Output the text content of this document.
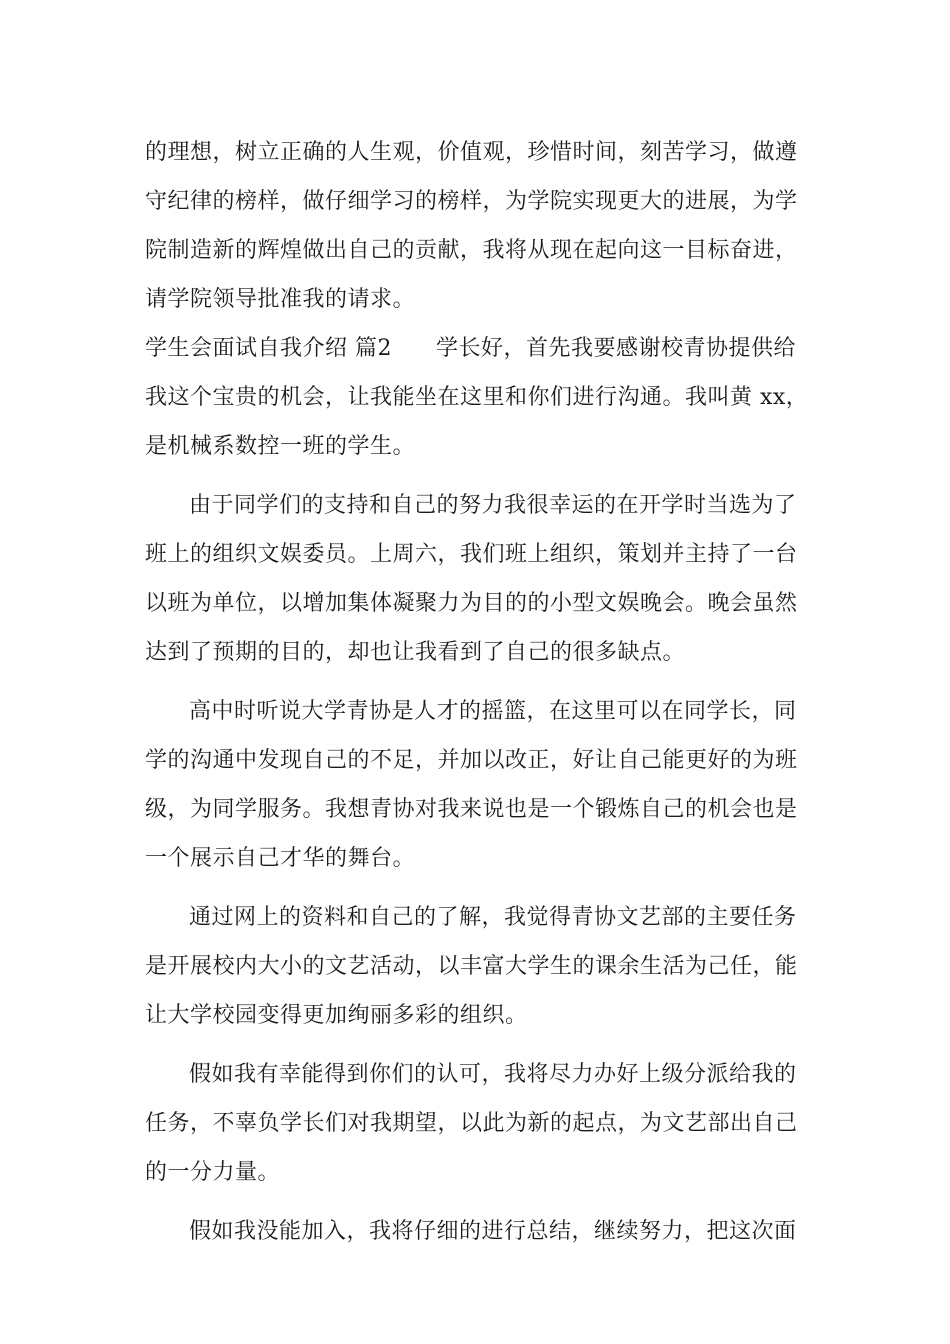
的理想，树立正确的人生观，价值观，珍惜时间，刻苦学习，做遵
守纪律的榜样，做仔细学习的榜样，为学院实现更大的进展，为学
院制造新的辉煌做出自己的贡献，我将从现在起向这一目标奋进，
请学院领导批准我的请求。
学生会面试自我介绍 篇2 学长好，首先我要感谢校青协提供给
我这个宝贵的机会，让我能坐在这里和你们进行沟通。我叫黄 xx，
是机械系数控一班的学生。
由于同学们的支持和自己的努力我很幸运的在开学时当选为了
班上的组织文娱委员。上周六，我们班上组织，策划并主持了一台
以班为单位，以增加集体凝聚力为目的的小型文娱晚会。晚会虽然
达到了预期的目的，却也让我看到了自己的很多缺点。
高中时听说大学青协是人才的摇篮，在这里可以在同学长，同
学的沟通中发现自己的不足，并加以改正，好让自己能更好的为班
级，为同学服务。我想青协对我来说也是一个锻炼自己的机会也是
一个展示自己才华的舞台。
通过网上的资料和自己的了解，我觉得青协文艺部的主要任务
是开展校内大小的文艺活动，以丰富大学生的课余生活为己任，能
让大学校园变得更加绚丽多彩的组织。
假如我有幸能得到你们的认可，我将尽力办好上级分派给我的
任务，不辜负学长们对我期望，以此为新的起点，为文艺部出自己
的一分力量。
假如我没能加入，我将仔细的进行总结，继续努力，把这次面
